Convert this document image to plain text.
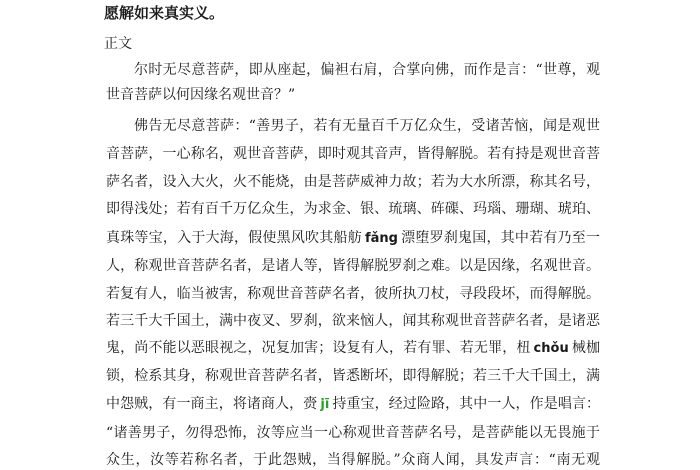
愿解如来真实义。
正文
尔时无尽意菩萨，即从座起，偏袒右肩，合掌向佛，而作是言：“世尊，观
世音菩萨以何因缘名观世音？”
佛告无尽意菩萨：“善男子，若有无量百千万亿众生，受诸苦恼，闻是观世
音菩萨，一心称名，观世音菩萨，即时观其音声，皆得解脱。若有持是观世音菩
萨名者，设入大火，火不能烧，由是菩萨威神力故；若为大水所漂，称其名号，
即得浅处；若有百千万亿众生，为求金、银、琉璃、砗磲、玛瑙、珊瑚、琥珀、
真珠等宝，入于大海，假使黑风吹其船舫 fǎng 漂堕罗刹鬼国，其中若有乃至一
人，称观世音菩萨名者，是诸人等，皆得解脱罗刹之难。以是因缘，名观世音。
若复有人，临当被害，称观世音菩萨名者，彼所执刀杖，寻段段坏，而得解脱。
若三千大千国土，满中夜叉、罗刹，欲来恼人，闻其称观世音菩萨名者，是诸恶
鬼，尚不能以恶眼视之，况复加害；设复有人，若有罪、若无罪，杻 chǒu 械枷
锁，检系其身，称观世音菩萨名者，皆悉断坏，即得解脱；若三千大千国土，满
中怨贼，有一商主，将诸商人，赍 jī 持重宝，经过险路，其中一人，作是唱言：
“诸善男子，勿得恐怖，汝等应当一心称观世音菩萨名号，是菩萨能以无畏施于
众生，汝等若称名者，于此怨贼，当得解脱。”众商人闻，具发声言：“南无观
